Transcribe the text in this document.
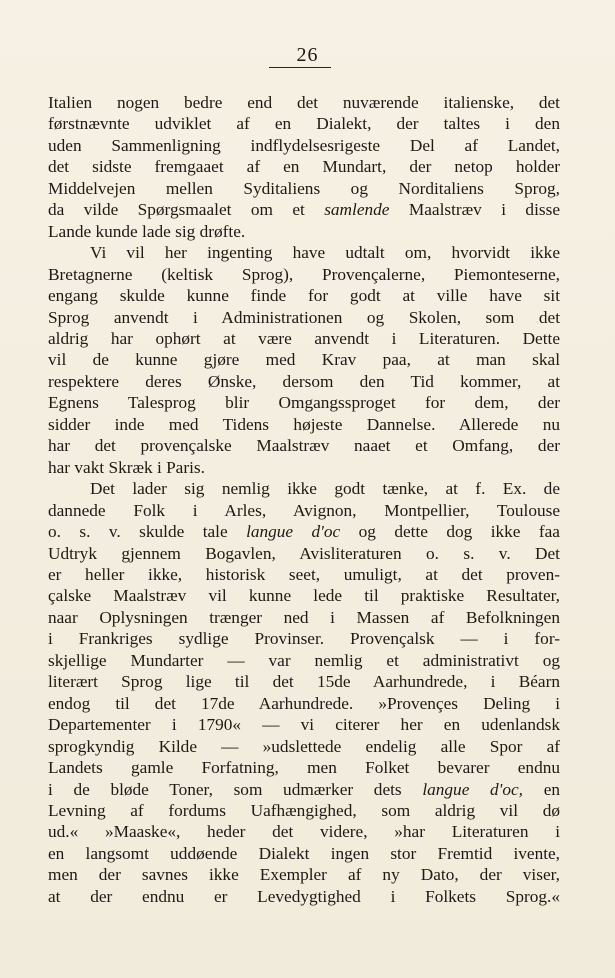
26
Italien nogen bedre end det nuværende italienske, det
førstnævnte udviklet af en Dialekt, der taltes i den
uden Sammenligning indflydelsesrigeste Del af Landet,
det sidste fremgaaet af en Mundart, der netop holder
Middelvejen mellen Syditaliens og Norditaliens Sprog,
da vilde Spørgsmaalet om et samlende Maalstræv i disse
Lande kunde lade sig drøfte.
Vi vil her ingenting have udtalt om, hvorvidt ikke
Bretagnerne (keltisk Sprog), Provençalerne, Piemonteserne,
engang skulde kunne finde for godt at ville have sit
Sprog anvendt i Administrationen og Skolen, som det
aldrig har ophørt at være anvendt i Literaturen. Dette
vil de kunne gjøre med Krav paa, at man skal
respektere deres Ønske, dersom den Tid kommer, at
Egnens Talesprog blir Omgangssproget for dem, der
sidder inde med Tidens højeste Dannelse. Allerede nu
har det provençalske Maalstræv naaet et Omfang, der
har vakt Skræk i Paris.
Det lader sig nemlig ikke godt tænke, at f. Ex. de
dannede Folk i Arles, Avignon, Montpellier, Toulouse
o. s. v. skulde tale langue d'oc og dette dog ikke faa
Udtryk gjennem Bogavlen, Avisliteraturen o. s. v. Det
er heller ikke, historisk seet, umuligt, at det proven-
çalske Maalstræv vil kunne lede til praktiske Resultater,
naar Oplysningen trænger ned i Massen af Befolkningen
i Frankriges sydlige Provinser. Provençalsk — i for-
skjellige Mundarter — var nemlig et administrativt og
literært Sprog lige til det 15de Aarhundrede, i Béarn
endog til det 17de Aarhundrede. »Provençes Deling i
Departementer i 1790« — vi citerer her en udenlandsk
sprogkyndig Kilde — »udslettede endelig alle Spor af
Landets gamle Forfatning, men Folket bevarer endnu
i de bløde Toner, som udmærker dets langue d'oc, en
Levning af fordums Uafhængighed, som aldrig vil dø
ud.« »Maaske«, heder det videre, »har Literaturen i
en langsomt uddøende Dialekt ingen stor Fremtid ivente,
men der savnes ikke Exempler af ny Dato, der viser,
at der endnu er Levedygtighed i Folkets Sprog.«
